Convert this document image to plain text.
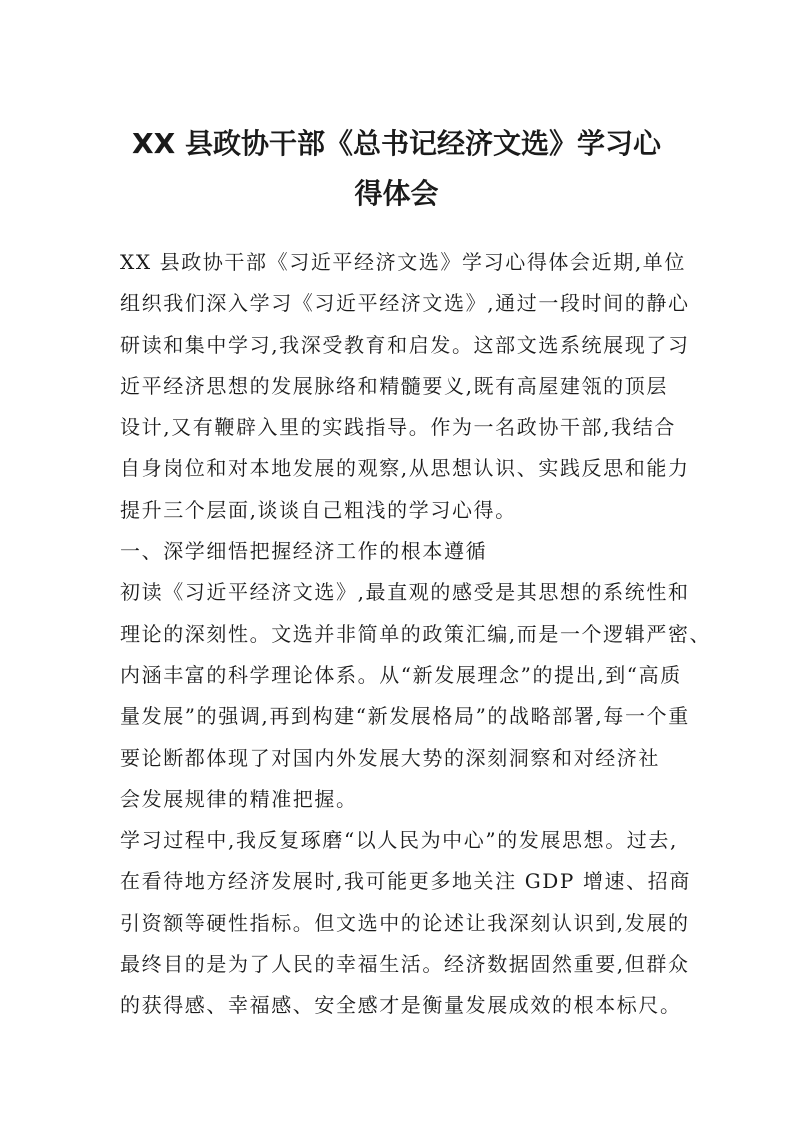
XX 县政协干部《总书记经济文选》学习心
得体会
XX 县政协干部《习近平经济文选》学习心得体会近期,单位
组织我们深入学习《习近平经济文选》,通过一段时间的静心
研读和集中学习,我深受教育和启发。这部文选系统展现了习
近平经济思想的发展脉络和精髓要义,既有高屋建瓴的顶层
设计,又有鞭辟入里的实践指导。作为一名政协干部,我结合
自身岗位和对本地发展的观察,从思想认识、实践反思和能力
提升三个层面,谈谈自己粗浅的学习心得。
一、深学细悟把握经济工作的根本遵循
初读《习近平经济文选》,最直观的感受是其思想的系统性和
理论的深刻性。文选并非简单的政策汇编,而是一个逻辑严密、
内涵丰富的科学理论体系。从“新发展理念”的提出,到“高质
量发展”的强调,再到构建“新发展格局”的战略部署,每一个重
要论断都体现了对国内外发展大势的深刻洞察和对经济社
会发展规律的精准把握。
学习过程中,我反复琢磨“以人民为中心”的发展思想。过去,
在看待地方经济发展时,我可能更多地关注 GDP 增速、招商
引资额等硬性指标。但文选中的论述让我深刻认识到,发展的
最终目的是为了人民的幸福生活。经济数据固然重要,但群众
的获得感、幸福感、安全感才是衡量发展成效的根本标尺。
